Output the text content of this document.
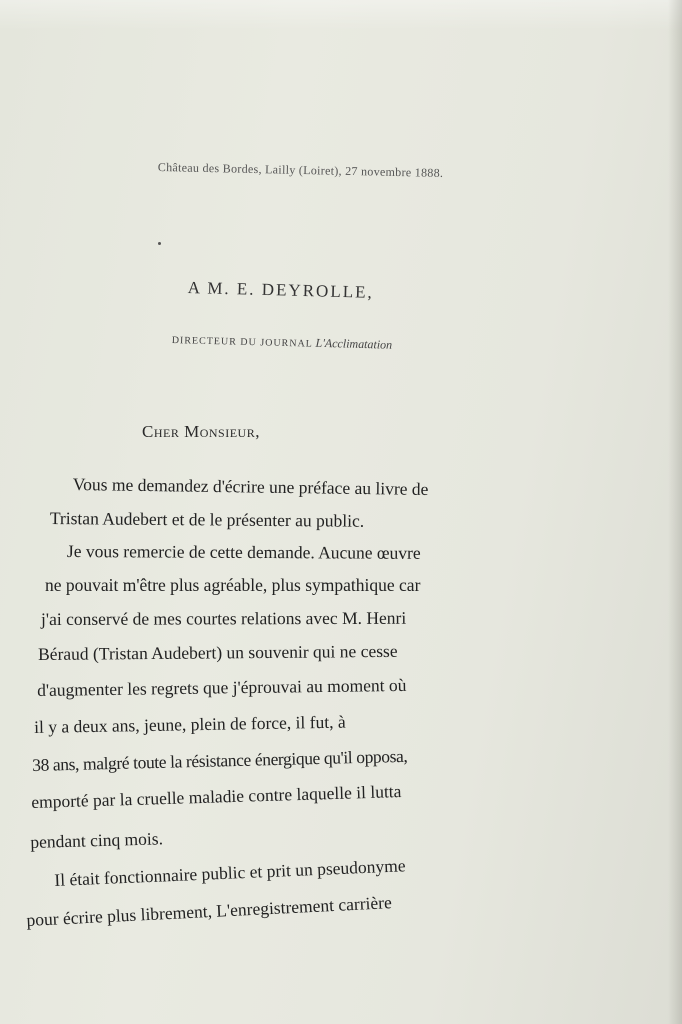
Château des Bordes, Lailly (Loiret), 27 novembre 1888.
A M. E. DEYROLLE,
DIRECTEUR DU JOURNAL L'Acclimatation
Cher Monsieur,
Vous me demandez d'écrire une préface au livre de
Tristan Audebert et de le présenter au public.
Je vous remercie de cette demande. Aucune œuvre
ne pouvait m'être plus agréable, plus sympathique car
j'ai conservé de mes courtes relations avec M. Henri
Béraud (Tristan Audebert) un souvenir qui ne cesse
d'augmenter les regrets que j'éprouvai au moment où
il y a deux ans, jeune, plein de force, il fut, à
38 ans, malgré toute la résistance énergique qu'il opposa,
emporté par la cruelle maladie contre laquelle il lutta
pendant cinq mois.
Il était fonctionnaire public et prit un pseudonyme
pour écrire plus librement, L'enregistrement carrière
